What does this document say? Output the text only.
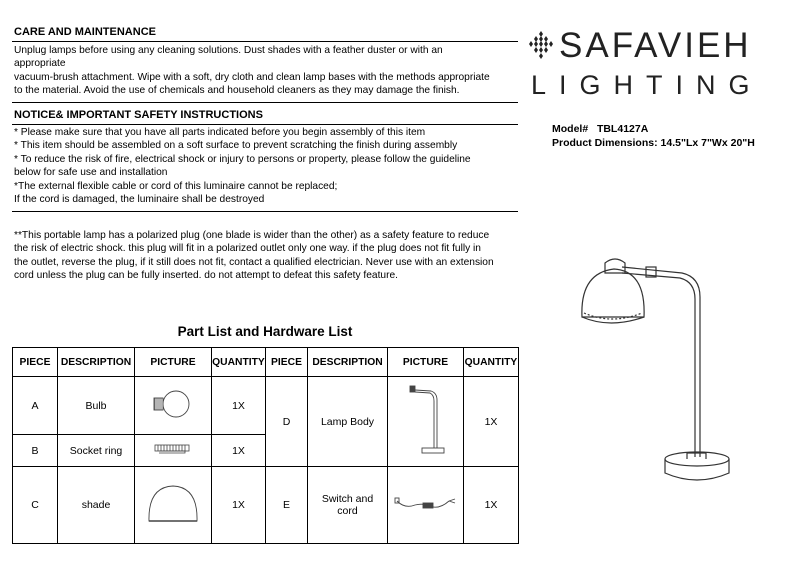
CARE AND MAINTENANCE
Unplug lamps before using any cleaning solutions. Dust shades with a feather duster or with an
appropriate
vacuum-brush attachment. Wipe with a soft, dry cloth and clean lamp bases with the methods appropriate
to the material. Avoid the use of chemicals and household cleaners as they may damage the finish.
NOTICE& IMPORTANT SAFETY INSTRUCTIONS
* Please make sure that you have all parts indicated before you begin assembly of this item
* This item should be assembled on a soft surface to prevent scratching the finish during assembly
* To reduce the risk of fire, electrical shock or injury to persons or property, please follow the guideline
below for safe use and installation
*The external flexible cable or cord of this luminaire cannot be replaced;
If the cord is damaged, the luminaire shall be destroyed
**This portable lamp has a polarized plug (one blade is wider than the other) as a safety feature to reduce
the risk of electric shock. this plug will fit in a polarized outlet only one way. if the plug does not fit fully in
the outlet, reverse the plug, if it still does not fit, contact a qualified electrician. Never use with an extension
cord unless the plug can be fully inserted. do not attempt to defeat this safety feature.
SAFAVIEH
LIGHTING
Model# TBL4127A
Product Dimensions: 14.5"Lx 7"Wx 20"H
Part List and Hardware List
PIECE	DESCRIPTION	PICTURE	QUANTITY	PIECE	DESCRIPTION	PICTURE	QUANTITY
A	Bulb		1X	D	Lamp Body		1X
B	Socket ring		1X				
C	shade		1X	E	Switch and cord		1X
